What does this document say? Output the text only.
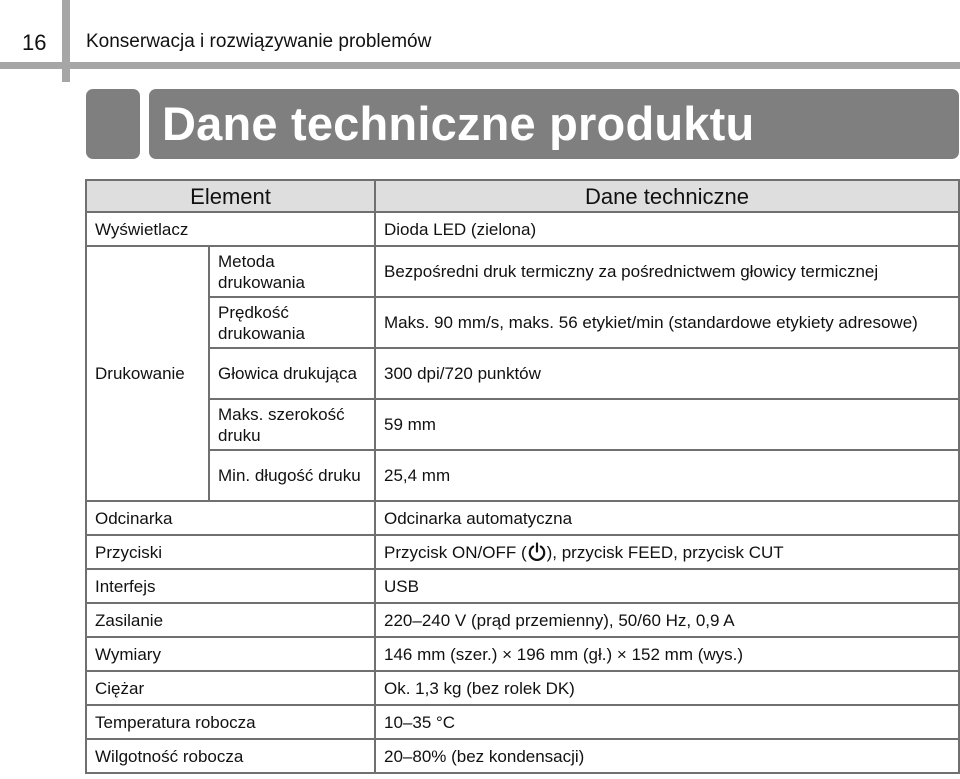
16 Konserwacja i rozwiązywanie problemów
Dane techniczne produktu
Element		Dane techniczne
Wyświetlacz		Dioda LED (zielona)
Drukowanie	Metoda drukowania	Bezpośredni druk termiczny za pośrednictwem głowicy termicznej
	Prędkość drukowania	Maks. 90 mm/s, maks. 56 etykiet/min (standardowe etykiety adresowe)
	Głowica drukująca	300 dpi/720 punktów
	Maks. szerokość druku	59 mm
	Min. długość druku	25,4 mm
Odcinarka		Odcinarka automatyczna
Przyciski		Przycisk ON/OFF ( ), przycisk FEED, przycisk CUT
Interfejs		USB
Zasilanie		220–240 V (prąd przemienny), 50/60 Hz, 0,9 A
Wymiary		146 mm (szer.) × 196 mm (gł.) × 152 mm (wys.)
Ciężar		Ok. 1,3 kg (bez rolek DK)
Temperatura robocza		10–35 °C
Wilgotność robocza		20–80% (bez kondensacji)
